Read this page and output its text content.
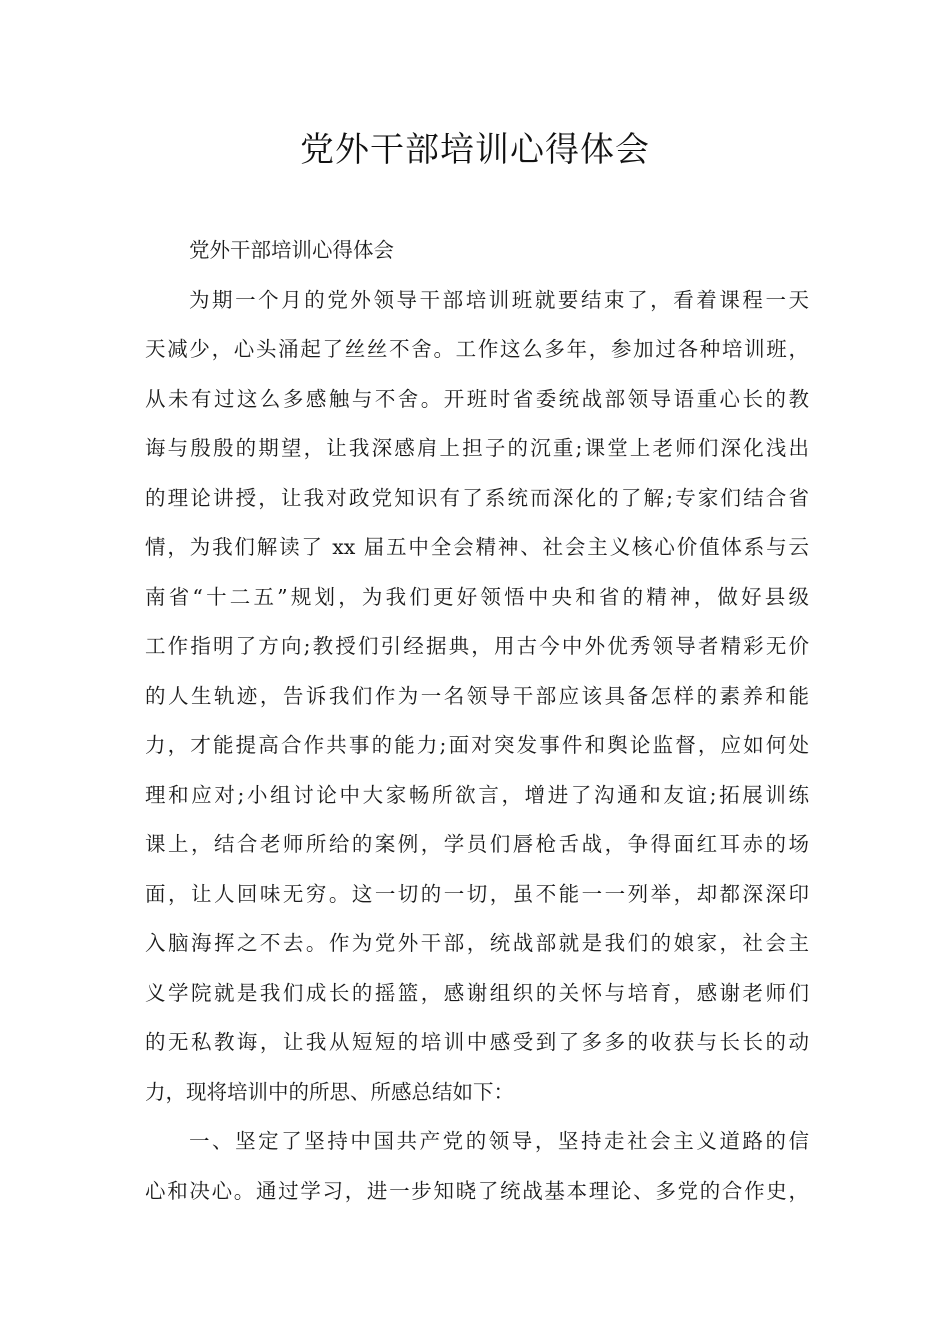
党外干部培训心得体会
党外干部培训心得体会
为期一个月的党外领导干部培训班就要结束了，看着课程一天
天减少，心头涌起了丝丝不舍。工作这么多年，参加过各种培训班，
从未有过这么多感触与不舍。开班时省委统战部领导语重心长的教
诲与殷殷的期望，让我深感肩上担子的沉重;课堂上老师们深化浅出
的理论讲授，让我对政党知识有了系统而深化的了解;专家们结合省
情，为我们解读了 xx 届五中全会精神、社会主义核心价值体系与云
南省“十二五”规划，为我们更好领悟中央和省的精神，做好县级
工作指明了方向;教授们引经据典，用古今中外优秀领导者精彩无价
的人生轨迹，告诉我们作为一名领导干部应该具备怎样的素养和能
力，才能提高合作共事的能力;面对突发事件和舆论监督，应如何处
理和应对;小组讨论中大家畅所欲言，增进了沟通和友谊;拓展训练
课上，结合老师所给的案例，学员们唇枪舌战，争得面红耳赤的场
面，让人回味无穷。这一切的一切，虽不能一一列举，却都深深印
入脑海挥之不去。作为党外干部，统战部就是我们的娘家，社会主
义学院就是我们成长的摇篮，感谢组织的关怀与培育，感谢老师们
的无私教诲，让我从短短的培训中感受到了多多的收获与长长的动
力，现将培训中的所思、所感总结如下：
一、坚定了坚持中国共产党的领导，坚持走社会主义道路的信
心和决心。通过学习，进一步知晓了统战基本理论、多党的合作史，
